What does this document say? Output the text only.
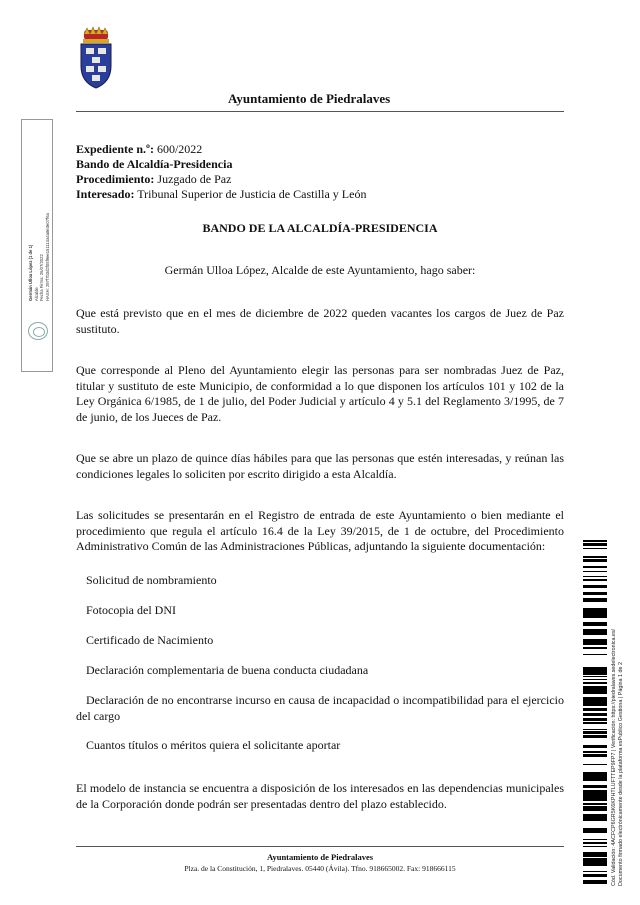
Ayuntamiento de Piedralaves
Germán Ulloa López (1 de 1) Alcalde Fecha Firma: 26/07/2022 HASH: 297f7b3d2f05f9ee151114a4a8e3e07f6a
Expediente n.º: 600/2022
Bando de Alcaldía-Presidencia
Procedimiento: Juzgado de Paz
Interesado: Tribunal Superior de Justicia de Castilla y León
BANDO DE LA ALCALDÍA-PRESIDENCIA
Germán Ulloa López, Alcalde de este Ayuntamiento, hago saber:
Que está previsto que en el mes de diciembre de 2022 queden vacantes los cargos de Juez de Paz sustituto.
Que corresponde al Pleno del Ayuntamiento elegir las personas para ser nombradas Juez de Paz, titular y sustituto de este Municipio, de conformidad a lo que disponen los artículos 101 y 102 de la Ley Orgánica 6/1985, de 1 de julio, del Poder Judicial y artículo 4 y 5.1 del Reglamento 3/1995, de 7 de junio, de los Jueces de Paz.
Que se abre un plazo de quince días hábiles para que las personas que estén interesadas, y reúnan las condiciones legales lo soliciten por escrito dirigido a esta Alcaldía.
Las solicitudes se presentarán en el Registro de entrada de este Ayuntamiento o bien mediante el procedimiento que regula el artículo 16.4 de la Ley 39/2015, de 1 de octubre, del Procedimiento Administrativo Común de las Administraciones Públicas, adjuntando la siguiente documentación:
Solicitud de nombramiento
Fotocopia del DNI
Certificado de Nacimiento
Declaración complementaria de buena conducta ciudadana
Declaración de no encontrarse incurso en causa de incapacidad o incompatibilidad para el ejercicio del cargo
Cuantos títulos o méritos quiera el solicitante aportar
El modelo de instancia se encuentra a disposición de los interesados en las dependencias municipales de la Corporación donde podrán ser presentadas dentro del plazo establecido.
Ayuntamiento de Piedralaves
Plza. de la Constitución, 1, Piedralaves. 05440 (Ávila). Tfno. 918665002. Fax: 918666115	Cód. Validación: 4ACFCP6GR5K6KPHTLUFTTEP9FP7 | Verificación: https://piedralaves.sedelectronica.es/ Documento firmado electrónicamente desde la plataforma esPublico Gestiona | Página 1 de 2
